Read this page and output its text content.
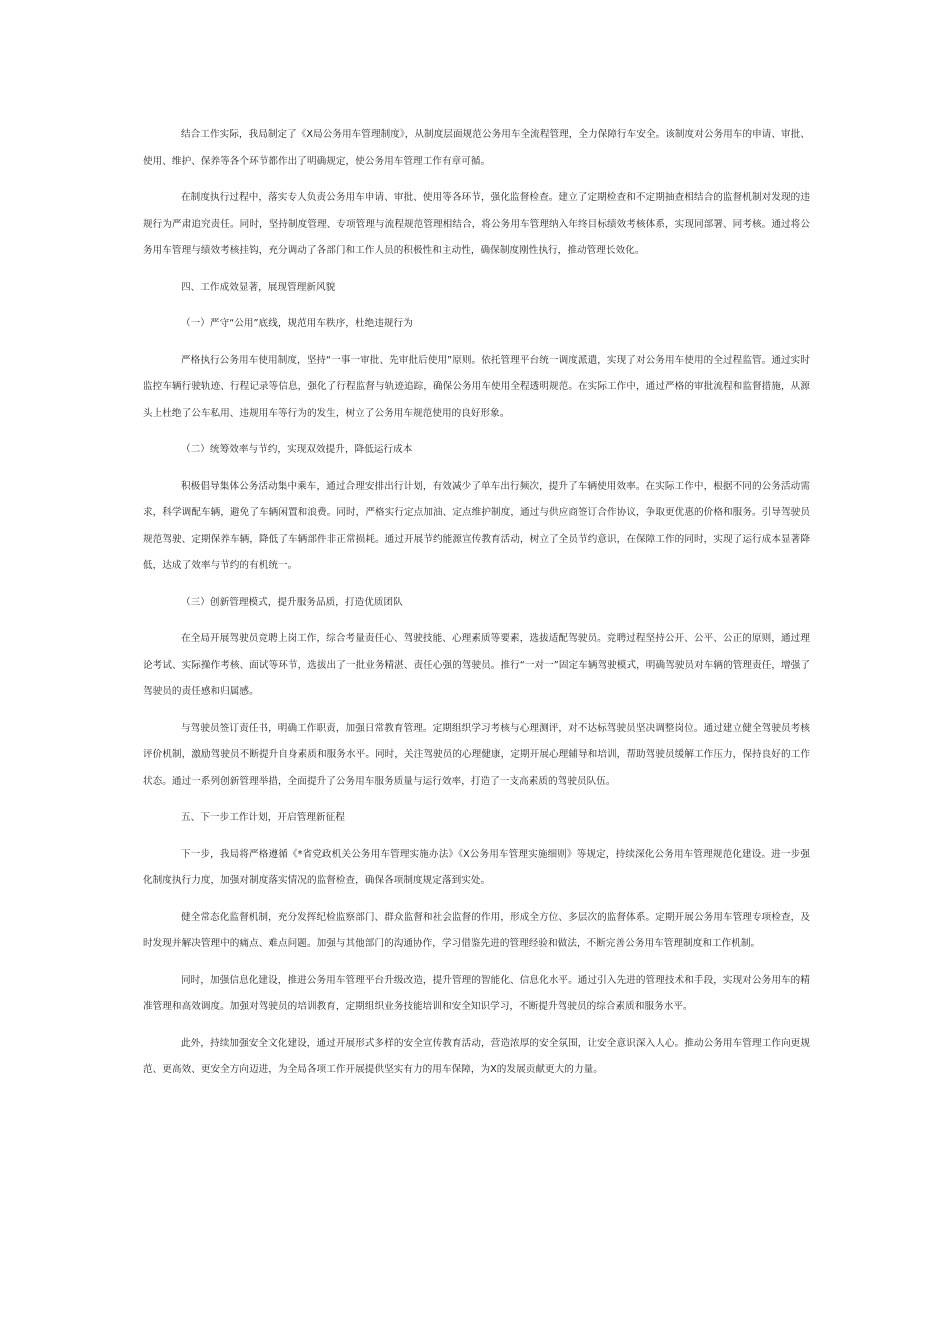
结合工作实际，我局制定了《X局公务用车管理制度》，从制度层面规范公务用车全流程管理，全力保障行车安全。该制度对公务用车的申请、审批、使用、维护、保养等各个环节都作出了明确规定，使公务用车管理工作有章可循。

在制度执行过程中，落实专人负责公务用车申请、审批、使用等各环节，强化监督检查。建立了定期检查和不定期抽查相结合的监督机制对发现的违规行为严肃追究责任。同时，坚持制度管理、专项管理与流程规范管理相结合，将公务用车管理纳入年终目标绩效考核体系，实现同部署、同考核。通过将公务用车管理与绩效考核挂钩，充分调动了各部门和工作人员的积极性和主动性，确保制度刚性执行，推动管理长效化。

四、工作成效显著，展现管理新风貌

（一）严守“公用”底线，规范用车秩序，杜绝违规行为

严格执行公务用车使用制度，坚持“一事一审批、先审批后使用”原则。依托管理平台统一调度派遣，实现了对公务用车使用的全过程监管。通过实时监控车辆行驶轨迹、行程记录等信息，强化了行程监督与轨迹追踪，确保公务用车使用全程透明规范。在实际工作中，通过严格的审批流程和监督措施，从源头上杜绝了公车私用、违规用车等行为的发生，树立了公务用车规范使用的良好形象。

（二）统筹效率与节约，实现双效提升，降低运行成本

积极倡导集体公务活动集中乘车，通过合理安排出行计划，有效减少了单车出行频次，提升了车辆使用效率。在实际工作中，根据不同的公务活动需求，科学调配车辆，避免了车辆闲置和浪费。同时，严格实行定点加油、定点维护制度，通过与供应商签订合作协议，争取更优惠的价格和服务。引导驾驶员规范驾驶、定期保养车辆，降低了车辆部件非正常损耗。通过开展节约能源宣传教育活动，树立了全员节约意识，在保障工作的同时，实现了运行成本显著降低，达成了效率与节约的有机统一。

（三）创新管理模式，提升服务品质，打造优质团队

在全局开展驾驶员竞聘上岗工作，综合考量责任心、驾驶技能、心理素质等要素，选拔适配驾驶员。竞聘过程坚持公开、公平、公正的原则，通过理论考试、实际操作考核、面试等环节，选拔出了一批业务精湛、责任心强的驾驶员。推行“一对一”固定车辆驾驶模式，明确驾驶员对车辆的管理责任，增强了驾驶员的责任感和归属感。

与驾驶员签订责任书，明确工作职责，加强日常教育管理。定期组织学习考核与心理测评，对不达标驾驶员坚决调整岗位。通过建立健全驾驶员考核评价机制，激励驾驶员不断提升自身素质和服务水平。同时，关注驾驶员的心理健康，定期开展心理辅导和培训，帮助驾驶员缓解工作压力，保持良好的工作状态。通过一系列创新管理举措，全面提升了公务用车服务质量与运行效率，打造了一支高素质的驾驶员队伍。

五、下一步工作计划，开启管理新征程

下一步，我局将严格遵循《*省党政机关公务用车管理实施办法》《X公务用车管理实施细则》等规定，持续深化公务用车管理规范化建设。进一步强化制度执行力度，加强对制度落实情况的监督检查，确保各项制度规定落到实处。

健全常态化监督机制，充分发挥纪检监察部门、群众监督和社会监督的作用，形成全方位、多层次的监督体系。定期开展公务用车管理专项检查，及时发现并解决管理中的痛点、难点问题。加强与其他部门的沟通协作，学习借鉴先进的管理经验和做法，不断完善公务用车管理制度和工作机制。

同时，加强信息化建设，推进公务用车管理平台升级改造，提升管理的智能化、信息化水平。通过引入先进的管理技术和手段，实现对公务用车的精准管理和高效调度。加强对驾驶员的培训教育，定期组织业务技能培训和安全知识学习，不断提升驾驶员的综合素质和服务水平。

此外，持续加强安全文化建设，通过开展形式多样的安全宣传教育活动，营造浓厚的安全氛围，让安全意识深入人心。推动公务用车管理工作向更规范、更高效、更安全方向迈进，为全局各项工作开展提供坚实有力的用车保障，为X的发展贡献更大的力量。
